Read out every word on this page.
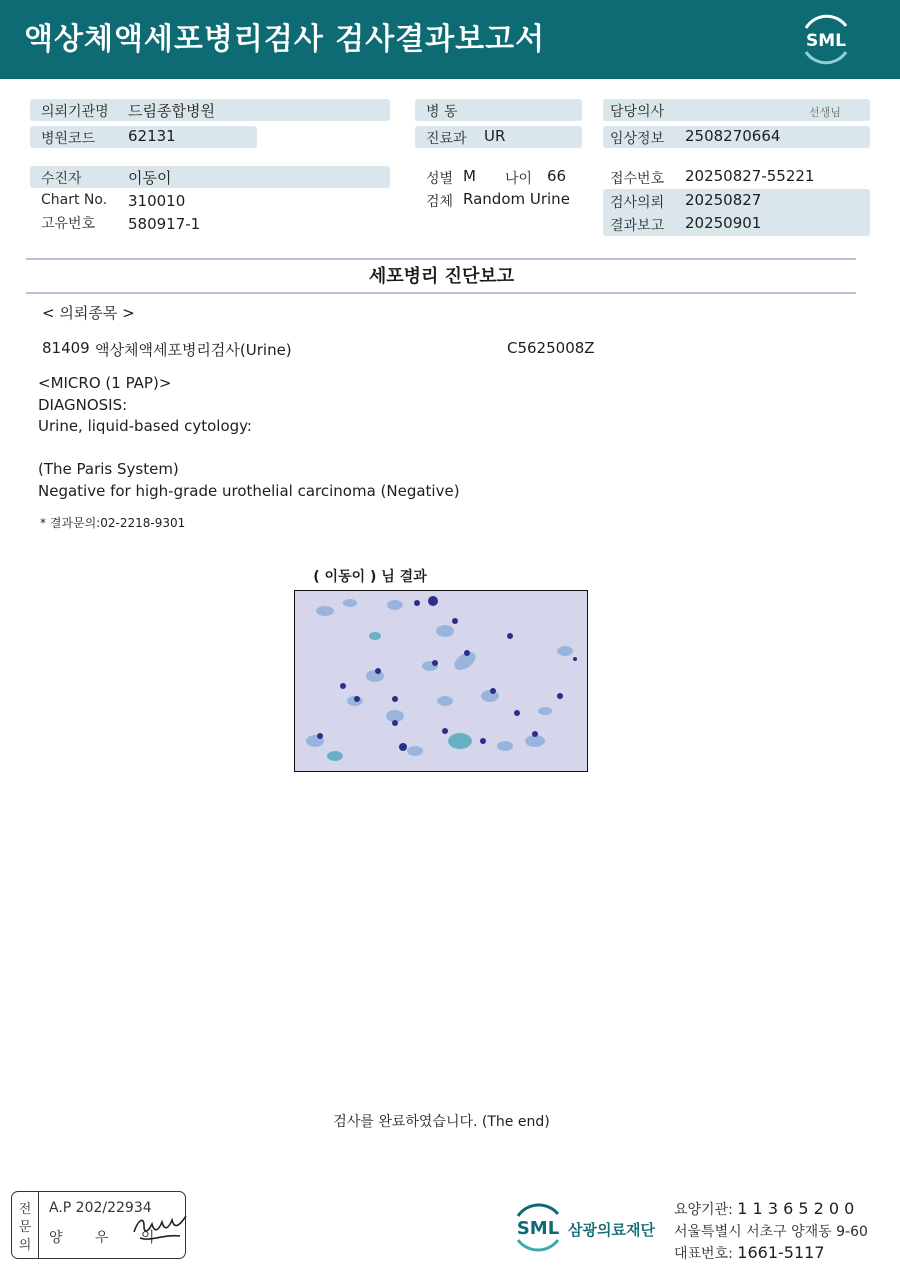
액상체액세포병리검사 검사결과보고서	SML
의뢰기관명 드림종합병원
병원코드 62131
수진자	이동이
Chart No. 310010
고유번호 580917-1
병 동
진료과 UR
성별 M 나이 66
검체 Random Urine
담당의사	선생님
임상정보 2508270664
접수번호 20250827-55221
검사의뢰 20250827
결과보고 20250901
세포병리 진단보고
< 의뢰종목 >
81409 액상체액세포병리검사(Urine)	C5625008Z
<MICRO (1 PAP)>
DIAGNOSIS:
Urine, liquid-based cytology:
(The Paris System)
Negative for high-grade urothelial carcinoma (Negative)
* 결과문의:02-2218-9301
( 이동이 ) 님 결과
검사를 완료하였습니다. (The end)
전
문
의
A.P 202/22934
양 우 익	SML 삼광의료재단
요양기관: 1 1 3 6 5 2 0 0
서울특별시 서초구 양재동 9-60
대표번호: 1661-5117
